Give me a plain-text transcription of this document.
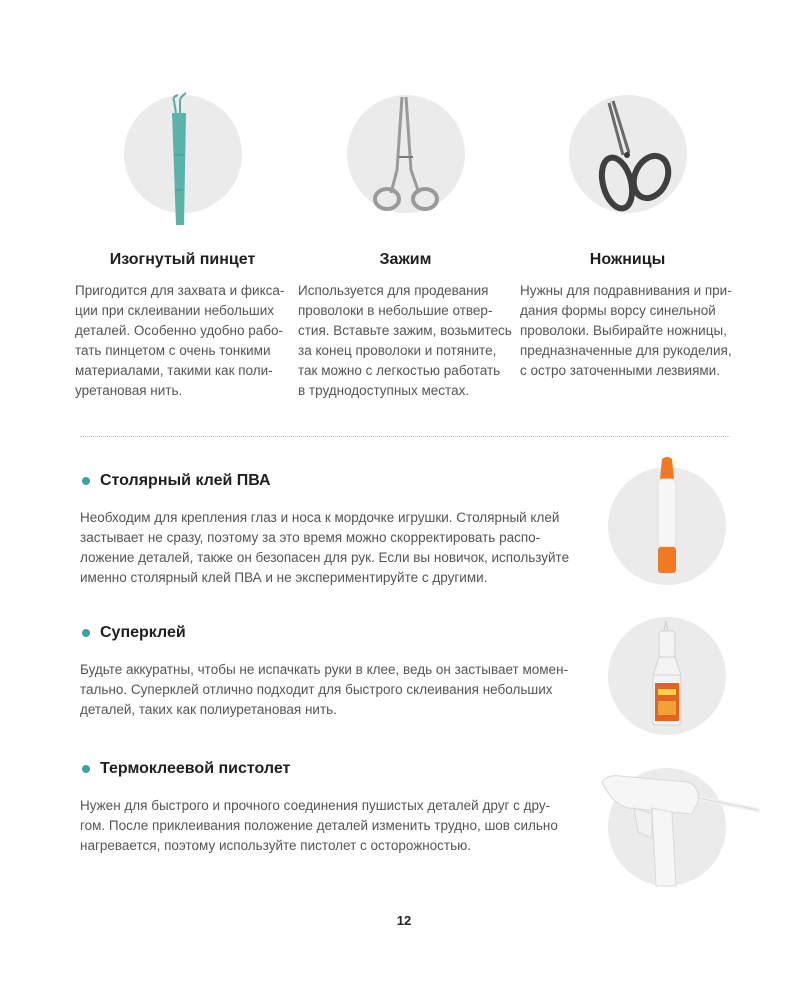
Изогнутый пинцет
Пригодится для захвата и фикса-
ции при склеивании небольших
деталей. Особенно удобно рабо-
тать пинцетом с очень тонкими
материалами, такими как поли-
уретановая нить.
Зажим
Используется для продевания
проволоки в небольшие отвер-
стия. Вставьте зажим, возьмитесь
за конец проволоки и потяните,
так можно с легкостью работать
в труднодоступных местах.
Ножницы
Нужны для подравнивания и при-
дания формы ворсу синельной
проволоки. Выбирайте ножницы,
предназначенные для рукоделия,
с остро заточенными лезвиями.
Столярный клей ПВА
Необходим для крепления глаз и носа к мордочке игрушки. Столярный клей
застывает не сразу, поэтому за это время можно скорректировать распо-
ложение деталей, также он безопасен для рук. Если вы новичок, используйте
именно столярный клей ПВА и не экспериментируйте с другими.
Суперклей
Будьте аккуратны, чтобы не испачкать руки в клее, ведь он застывает момен-
тально. Суперклей отлично подходит для быстрого склеивания небольших
деталей, таких как полиуретановая нить.
Термоклеевой пистолет
Нужен для быстрого и прочного соединения пушистых деталей друг с дру-
гом. После приклеивания положение деталей изменить трудно, шов сильно
нагревается, поэтому используйте пистолет с осторожностью.
12
